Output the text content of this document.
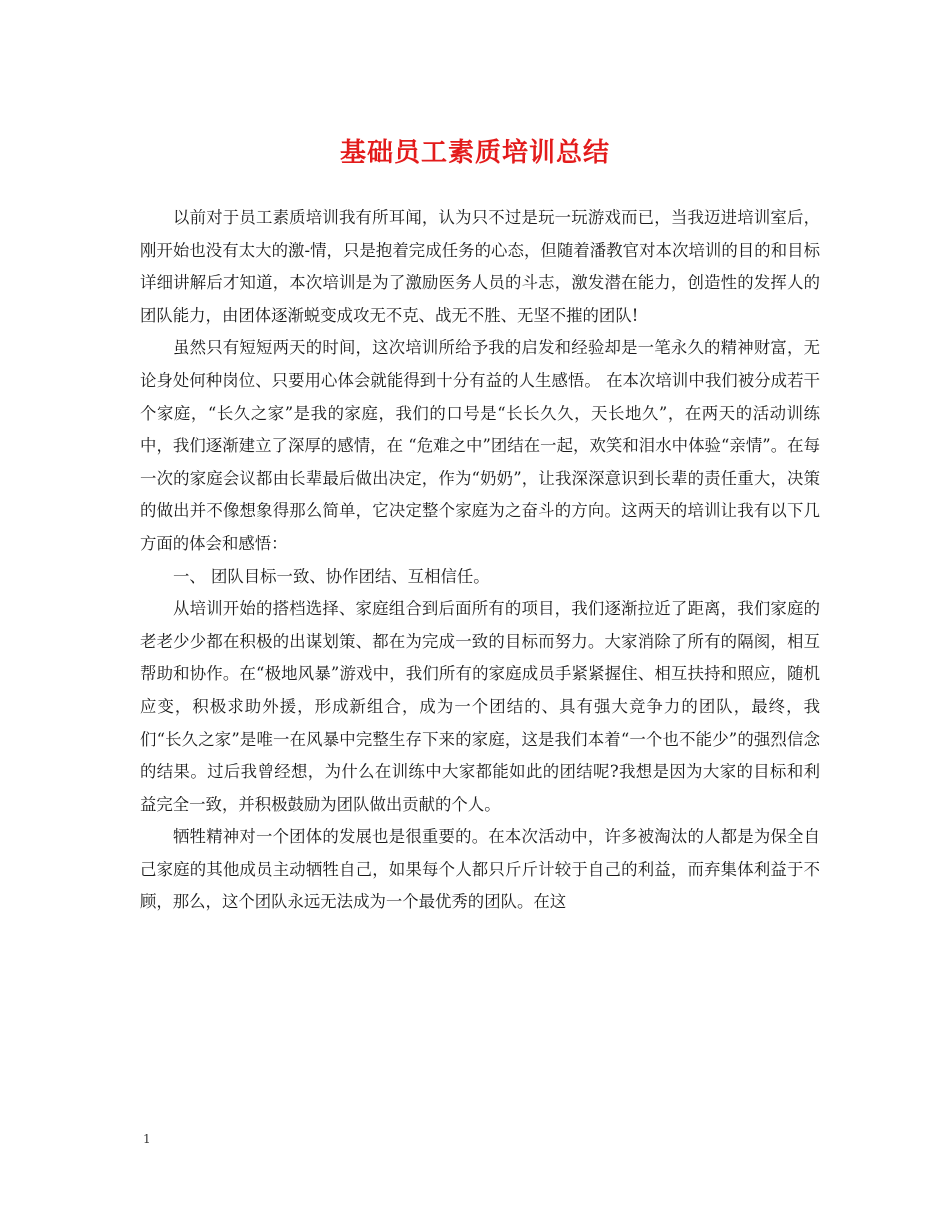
基础员工素质培训总结

以前对于员工素质培训我有所耳闻，认为只不过是玩一玩游戏而已，当我迈进培训室后，刚开始也没有太大的激-情，只是抱着完成任务的心态，但随着潘教官对本次培训的目的和目标详细讲解后才知道，本次培训是为了激励医务人员的斗志，激发潜在能力，创造性的发挥人的团队能力，由团体逐渐蜕变成攻无不克、战无不胜、无坚不摧的团队!

虽然只有短短两天的时间，这次培训所给予我的启发和经验却是一笔永久的精神财富，无论身处何种岗位、只要用心体会就能得到十分有益的人生感悟。 在本次培训中我们被分成若干个家庭，“长久之家”是我的家庭，我们的口号是“长长久久，天长地久”，在两天的活动训练中，我们逐渐建立了深厚的感情，在 “危难之中”团结在一起，欢笑和泪水中体验“亲情”。在每一次的家庭会议都由长辈最后做出决定，作为“奶奶”，让我深深意识到长辈的责任重大，决策的做出并不像想象得那么简单，它决定整个家庭为之奋斗的方向。这两天的培训让我有以下几方面的体会和感悟：

一、 团队目标一致、协作团结、互相信任。

从培训开始的搭档选择、家庭组合到后面所有的项目，我们逐渐拉近了距离，我们家庭的老老少少都在积极的出谋划策、都在为完成一致的目标而努力。大家消除了所有的隔阂，相互帮助和协作。在“极地风暴”游戏中，我们所有的家庭成员手紧紧握住、相互扶持和照应，随机应变，积极求助外援，形成新组合，成为一个团结的、具有强大竞争力的团队，最终，我们“长久之家”是唯一在风暴中完整生存下来的家庭，这是我们本着“一个也不能少”的强烈信念的结果。过后我曾经想，为什么在训练中大家都能如此的团结呢?我想是因为大家的目标和利益完全一致，并积极鼓励为团队做出贡献的个人。

牺牲精神对一个团体的发展也是很重要的。在本次活动中，许多被淘汰的人都是为保全自己家庭的其他成员主动牺牲自己，如果每个人都只斤斤计较于自己的利益，而弃集体利益于不顾，那么，这个团队永远无法成为一个最优秀的团队。在这

1
